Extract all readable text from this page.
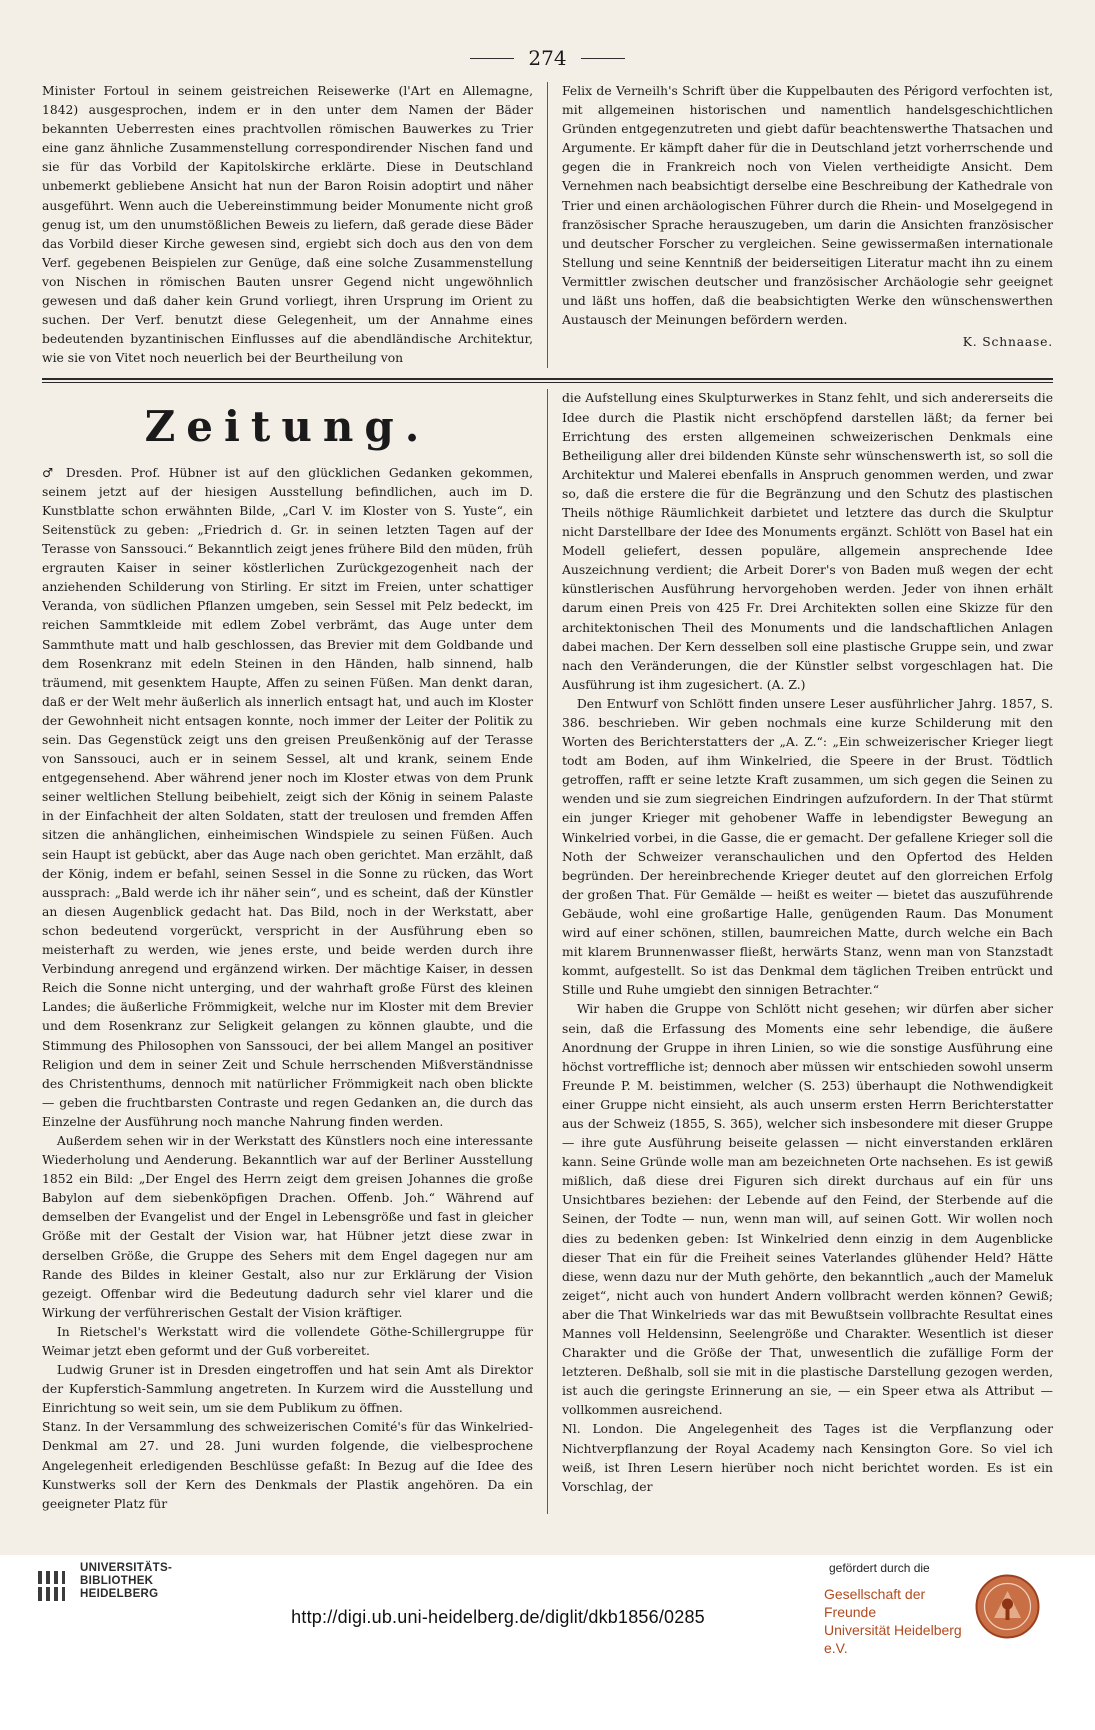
274

Minister Fortoul in seinem geistreichen Reisewerke (l'Art en Allemagne, 1842) ausgesprochen, indem er in den unter dem Namen der Bäder bekannten Ueberresten eines prachtvollen römischen Bauwerkes zu Trier eine ganz ähnliche Zusammenstellung correspondirender Nischen fand und sie für das Vorbild der Kapitolskirche erklärte. Diese in Deutschland unbemerkt gebliebene Ansicht hat nun der Baron Roisin adoptirt und näher ausgeführt. Wenn auch die Uebereinstimmung beider Monumente nicht groß genug ist, um den unumstößlichen Beweis zu liefern, daß gerade diese Bäder das Vorbild dieser Kirche gewesen sind, ergiebt sich doch aus den von dem Verf. gegebenen Beispielen zur Genüge, daß eine solche Zusammenstellung von Nischen in römischen Bauten unsrer Gegend nicht ungewöhnlich gewesen und daß daher kein Grund vorliegt, ihren Ursprung im Orient zu suchen. Der Verf. benutzt diese Gelegenheit, um der Annahme eines bedeutenden byzantinischen Einflusses auf die abendländische Architektur, wie sie von Vitet noch neuerlich bei der Beurtheilung von

Felix de Verneilh's Schrift über die Kuppelbauten des Périgord verfochten ist, mit allgemeinen historischen und namentlich handelsgeschichtlichen Gründen entgegenzutreten und giebt dafür beachtenswerthe Thatsachen und Argumente. Er kämpft daher für die in Deutschland jetzt vorherrschende und gegen die in Frankreich noch von Vielen vertheidigte Ansicht. Dem Vernehmen nach beabsichtigt derselbe eine Beschreibung der Kathedrale von Trier und einen archäologischen Führer durch die Rhein- und Moselgegend in französischer Sprache herauszugeben, um darin die Ansichten französischer und deutscher Forscher zu vergleichen. Seine gewissermaßen internationale Stellung und seine Kenntniß der beiderseitigen Literatur macht ihn zu einem Vermittler zwischen deutscher und französischer Archäologie sehr geeignet und läßt uns hoffen, daß die beabsichtigten Werke den wünschenswerthen Austausch der Meinungen befördern werden.

K. Schnaase.
Zeitung.

♂ Dresden. Prof. Hübner ist auf den glücklichen Gedanken gekommen, seinem jetzt auf der hiesigen Ausstellung befindlichen, auch im D. Kunstblatte schon erwähnten Bilde, „Carl V. im Kloster von S. Yuste“, ein Seitenstück zu geben: „Friedrich d. Gr. in seinen letzten Tagen auf der Terasse von Sanssouci.“ Bekanntlich zeigt jenes frühere Bild den müden, früh ergrauten Kaiser in seiner köstlerlichen Zurückgezogenheit nach der anziehenden Schilderung von Stirling. Er sitzt im Freien, unter schattiger Veranda, von südlichen Pflanzen umgeben, sein Sessel mit Pelz bedeckt, im reichen Sammtkleide mit edlem Zobel verbrämt, das Auge unter dem Sammthute matt und halb geschlossen, das Brevier mit dem Goldbande und dem Rosenkranz mit edeln Steinen in den Händen, halb sinnend, halb träumend, mit gesenktem Haupte, Affen zu seinen Füßen. Man denkt daran, daß er der Welt mehr äußerlich als innerlich entsagt hat, und auch im Kloster der Gewohnheit nicht entsagen konnte, noch immer der Leiter der Politik zu sein. Das Gegenstück zeigt uns den greisen Preußenkönig auf der Terasse von Sanssouci, auch er in seinem Sessel, alt und krank, seinem Ende entgegensehend. Aber während jener noch im Kloster etwas von dem Prunk seiner weltlichen Stellung beibehielt, zeigt sich der König in seinem Palaste in der Einfachheit der alten Soldaten, statt der treulosen und fremden Affen sitzen die anhänglichen, einheimischen Windspiele zu seinen Füßen. Auch sein Haupt ist gebückt, aber das Auge nach oben gerichtet. Man erzählt, daß der König, indem er befahl, seinen Sessel in die Sonne zu rücken, das Wort aussprach: „Bald werde ich ihr näher sein“, und es scheint, daß der Künstler an diesen Augenblick gedacht hat. Das Bild, noch in der Werkstatt, aber schon bedeutend vorgerückt, verspricht in der Ausführung eben so meisterhaft zu werden, wie jenes erste, und beide werden durch ihre Verbindung anregend und ergänzend wirken. Der mächtige Kaiser, in dessen Reich die Sonne nicht unterging, und der wahrhaft große Fürst des kleinen Landes; die äußerliche Frömmigkeit, welche nur im Kloster mit dem Brevier und dem Rosenkranz zur Seligkeit gelangen zu können glaubte, und die Stimmung des Philosophen von Sanssouci, der bei allem Mangel an positiver Religion und dem in seiner Zeit und Schule herrschenden Mißverständnisse des Christenthums, dennoch mit natürlicher Frömmigkeit nach oben blickte — geben die fruchtbarsten Contraste und regen Gedanken an, die durch das Einzelne der Ausführung noch manche Nahrung finden werden.

Außerdem sehen wir in der Werkstatt des Künstlers noch eine interessante Wiederholung und Aenderung. Bekanntlich war auf der Berliner Ausstellung 1852 ein Bild: „Der Engel des Herrn zeigt dem greisen Johannes die große Babylon auf dem siebenköpfigen Drachen. Offenb. Joh.“ Während auf demselben der Evangelist und der Engel in Lebensgröße und fast in gleicher Größe mit der Gestalt der Vision war, hat Hübner jetzt diese zwar in derselben Größe, die Gruppe des Sehers mit dem Engel dagegen nur am Rande des Bildes in kleiner Gestalt, also nur zur Erklärung der Vision gezeigt. Offenbar wird die Bedeutung dadurch sehr viel klarer und die Wirkung der verführerischen Gestalt der Vision kräftiger.

In Rietschel's Werkstatt wird die vollendete Göthe-Schillergruppe für Weimar jetzt eben geformt und der Guß vorbereitet.

Ludwig Gruner ist in Dresden eingetroffen und hat sein Amt als Direktor der Kupferstich-Sammlung angetreten. In Kurzem wird die Ausstellung und Einrichtung so weit sein, um sie dem Publikum zu öffnen.

Stanz. In der Versammlung des schweizerischen Comité's für das Winkelried-Denkmal am 27. und 28. Juni wurden folgende, die vielbesprochene Angelegenheit erledigenden Beschlüsse gefaßt: In Bezug auf die Idee des Kunstwerks soll der Kern des Denkmals der Plastik angehören. Da ein geeigneter Platz für

die Aufstellung eines Skulpturwerkes in Stanz fehlt, und sich andererseits die Idee durch die Plastik nicht erschöpfend darstellen läßt; da ferner bei Errichtung des ersten allgemeinen schweizerischen Denkmals eine Betheiligung aller drei bildenden Künste sehr wünschenswerth ist, so soll die Architektur und Malerei ebenfalls in Anspruch genommen werden, und zwar so, daß die erstere die für die Begränzung und den Schutz des plastischen Theils nöthige Räumlichkeit darbietet und letztere das durch die Skulptur nicht Darstellbare der Idee des Monuments ergänzt. Schlött von Basel hat ein Modell geliefert, dessen populäre, allgemein ansprechende Idee Auszeichnung verdient; die Arbeit Dorer's von Baden muß wegen der echt künstlerischen Ausführung hervorgehoben werden. Jeder von ihnen erhält darum einen Preis von 425 Fr. Drei Architekten sollen eine Skizze für den architektonischen Theil des Monuments und die landschaftlichen Anlagen dabei machen. Der Kern desselben soll eine plastische Gruppe sein, und zwar nach den Veränderungen, die der Künstler selbst vorgeschlagen hat. Die Ausführung ist ihm zugesichert. (A. Z.)

Den Entwurf von Schlött finden unsere Leser ausführlicher Jahrg. 1857, S. 386. beschrieben. Wir geben nochmals eine kurze Schilderung mit den Worten des Berichterstatters der „A. Z.“: „Ein schweizerischer Krieger liegt todt am Boden, auf ihm Winkelried, die Speere in der Brust. Tödtlich getroffen, rafft er seine letzte Kraft zusammen, um sich gegen die Seinen zu wenden und sie zum siegreichen Eindringen aufzufordern. In der That stürmt ein junger Krieger mit gehobener Waffe in lebendigster Bewegung an Winkelried vorbei, in die Gasse, die er gemacht. Der gefallene Krieger soll die Noth der Schweizer veranschaulichen und den Opfertod des Helden begründen. Der hereinbrechende Krieger deutet auf den glorreichen Erfolg der großen That. Für Gemälde — heißt es weiter — bietet das auszuführende Gebäude, wohl eine großartige Halle, genügenden Raum. Das Monument wird auf einer schönen, stillen, baumreichen Matte, durch welche ein Bach mit klarem Brunnenwasser fließt, herwärts Stanz, wenn man von Stanzstadt kommt, aufgestellt. So ist das Denkmal dem täglichen Treiben entrückt und Stille und Ruhe umgiebt den sinnigen Betrachter.“

Wir haben die Gruppe von Schlött nicht gesehen; wir dürfen aber sicher sein, daß die Erfassung des Moments eine sehr lebendige, die äußere Anordnung der Gruppe in ihren Linien, so wie die sonstige Ausführung eine höchst vortreffliche ist; dennoch aber müssen wir entschieden sowohl unserm Freunde P. M. beistimmen, welcher (S. 253) überhaupt die Nothwendigkeit einer Gruppe nicht einsieht, als auch unserm ersten Herrn Berichterstatter aus der Schweiz (1855, S. 365), welcher sich insbesondere mit dieser Gruppe — ihre gute Ausführung beiseite gelassen — nicht einverstanden erklären kann. Seine Gründe wolle man am bezeichneten Orte nachsehen. Es ist gewiß mißlich, daß diese drei Figuren sich direkt durchaus auf ein für uns Unsichtbares beziehen: der Lebende auf den Feind, der Sterbende auf die Seinen, der Todte — nun, wenn man will, auf seinen Gott. Wir wollen noch dies zu bedenken geben: Ist Winkelried denn einzig in dem Augenblicke dieser That ein für die Freiheit seines Vaterlandes glühender Held? Hätte diese, wenn dazu nur der Muth gehörte, den bekanntlich „auch der Mameluk zeiget“, nicht auch von hundert Andern vollbracht werden können? Gewiß; aber die That Winkelrieds war das mit Bewußtsein vollbrachte Resultat eines Mannes voll Heldensinn, Seelengröße und Charakter. Wesentlich ist dieser Charakter und die Größe der That, unwesentlich die zufällige Form der letzteren. Deßhalb, soll sie mit in die plastische Darstellung gezogen werden, ist auch die geringste Erinnerung an sie, — ein Speer etwa als Attribut — vollkommen ausreichend.

Nl. London. Die Angelegenheit des Tages ist die Verpflanzung oder Nichtverpflanzung der Royal Academy nach Kensington Gore. So viel ich weiß, ist Ihren Lesern hierüber noch nicht berichtet worden. Es ist ein Vorschlag, der

UNIVERSITÄTS-
BIBLIOTHEK
HEIDELBERG
http://digi.ub.uni-heidelberg.de/diglit/dkb1856/0285
gefördert durch die
Gesellschaft der Freunde
Universität Heidelberg e.V.
